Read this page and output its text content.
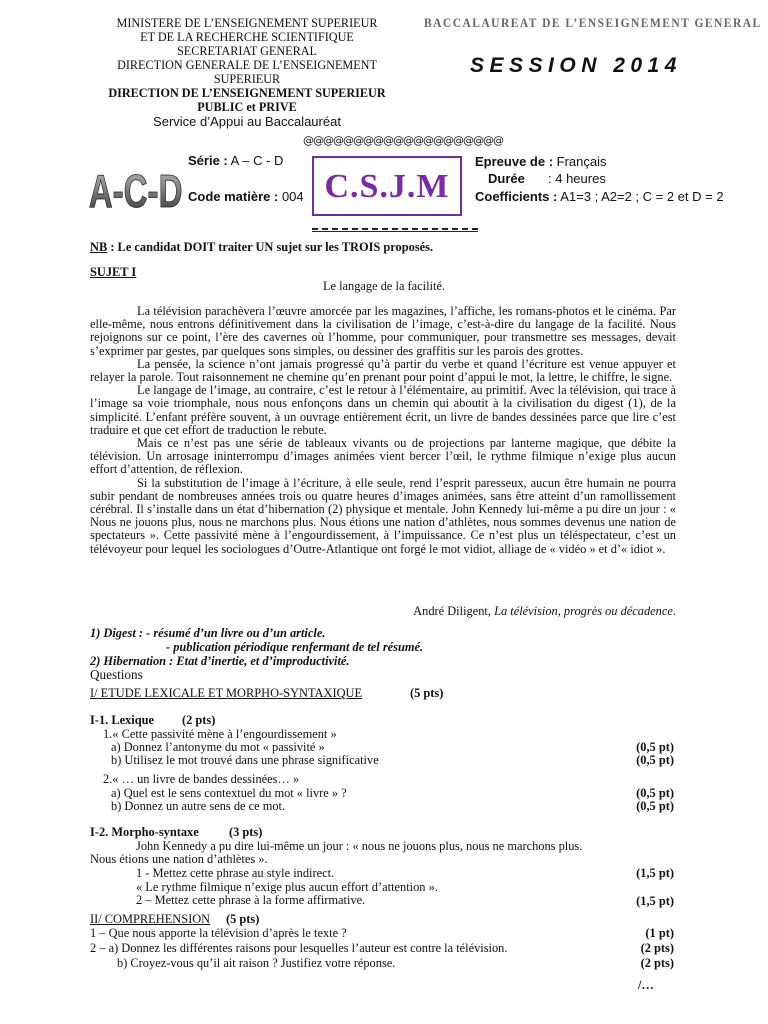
MINISTERE DE L’ENSEIGNEMENT SUPERIEUR
ET DE LA RECHERCHE SCIENTIFIQUE
SECRETARIAT GENERAL
DIRECTION GENERALE DE L’ENSEIGNEMENT
SUPERIEUR
DIRECTION DE L’ENSEIGNEMENT SUPERIEUR
PUBLIC et PRIVE
Service d’Appui au Baccalauréat
BACCALAUREAT DE L’ENSEIGNEMENT GENERAL
SESSION 2014
@@@@@@@@@@@@@@@@@@@@
A-C-D
Série : A – C - D
Code matière : 004 C.S.J.M
Epreuve de : Français
Durée : 4 heures
Coefficients : A1=3 ; A2=2 ; C = 2 et D = 2
NB : Le candidat DOIT traiter UN sujet sur les TROIS proposés.
SUJET I
Le langage de la facilité.

La télévision parachèvera l’œuvre amorcée par les magazines, l’affiche, les romans-photos et le cinéma. Par elle-même, nous entrons définitivement dans la civilisation de l’image, c’est-à-dire du langage de la facilité. Nous rejoignons sur ce point, l’ère des cavernes où l’homme, pour communiquer, pour transmettre ses messages, devait s’exprimer par gestes, par quelques sons simples, ou dessiner des graffitis sur les parois des grottes.

La pensée, la science n’ont jamais progressé qu’à partir du verbe et quand l’écriture est venue appuyer et relayer la parole. Tout raisonnement ne chemine qu’en prenant pour point d’appui le mot, la lettre, le chiffre, le signe.

Le langage de l’image, au contraire, c’est le retour à l’élémentaire, au primitif. Avec la télévision, qui trace à l’image sa voie triomphale, nous nous enfonçons dans un chemin qui aboutit à la civilisation du digest (1), de la simplicité. L’enfant préfère souvent, à un ouvrage entièrement écrit, un livre de bandes dessinées parce que lire c’est traduire et que cet effort de traduction le rebute.

Mais ce n’est pas une série de tableaux vivants ou de projections par lanterne magique, que débite la télévision. Un arrosage ininterrompu d’images animées vient bercer l’œil, le rythme filmique n’exige plus aucun effort d’attention, de réflexion.

Si la substitution de l’image à l’écriture, à elle seule, rend l’esprit paresseux, aucun être humain ne pourra subir pendant de nombreuses années trois ou quatre heures d’images animées, sans être atteint d’un ramollissement cérébral. Il s’installe dans un état d’hibernation (2) physique et mentale. John Kennedy lui-même a pu dire un jour : « Nous ne jouons plus, nous ne marchons plus. Nous étions une nation d’athlètes, nous sommes devenus une nation de spectateurs ». Cette passivité mène à l’engourdissement, à l’impuissance. Ce n’est plus un téléspectateur, c’est un télévoyeur pour lequel les sociologues d’Outre-Atlantique ont forgé le mot vidiot, alliage de « vidéo » et d’« idiot ».

André Diligent, La télévision, progrès ou décadence.
1) Digest : - résumé d’un livre ou d’un article.
- publication périodique renfermant de tel résumé.
2) Hibernation : Etat d’inertie, et d’improductivité.
Questions
I/ ETUDE LEXICALE ET MORPHO-SYNTAXIQUE	(5 pts)
I-1. Lexique (2 pts)
1.« Cette passivité mène à l’engourdissement »
a) Donnez l’antonyme du mot « passivité »	(0,5 pt)
b) Utilisez le mot trouvé dans une phrase significative	(0,5 pt)
2.« … un livre de bandes dessinées… »
a) Quel est le sens contextuel du mot « livre » ?	(0,5 pt)
b) Donnez un autre sens de ce mot.	(0,5 pt)
I-2. Morpho-syntaxe (3 pts)
John Kennedy a pu dire lui-même un jour : « nous ne jouons plus, nous ne marchons plus.
Nous étions une nation d’athlètes ».
1 - Mettez cette phrase au style indirect.	(1,5 pt)
« Le rythme filmique n’exige plus aucun effort d’attention ».
2 – Mettez cette phrase à la forme affirmative.	(1,5 pt)
II/ COMPREHENSION (5 pts)
1 – Que nous apporte la télévision d’après le texte ?	(1 pt)
2 – a) Donnez les différentes raisons pour lesquelles l’auteur est contre la télévision.	(2 pts)
b) Croyez-vous qu’il ait raison ? Justifiez votre réponse.	(2 pts)
/…
